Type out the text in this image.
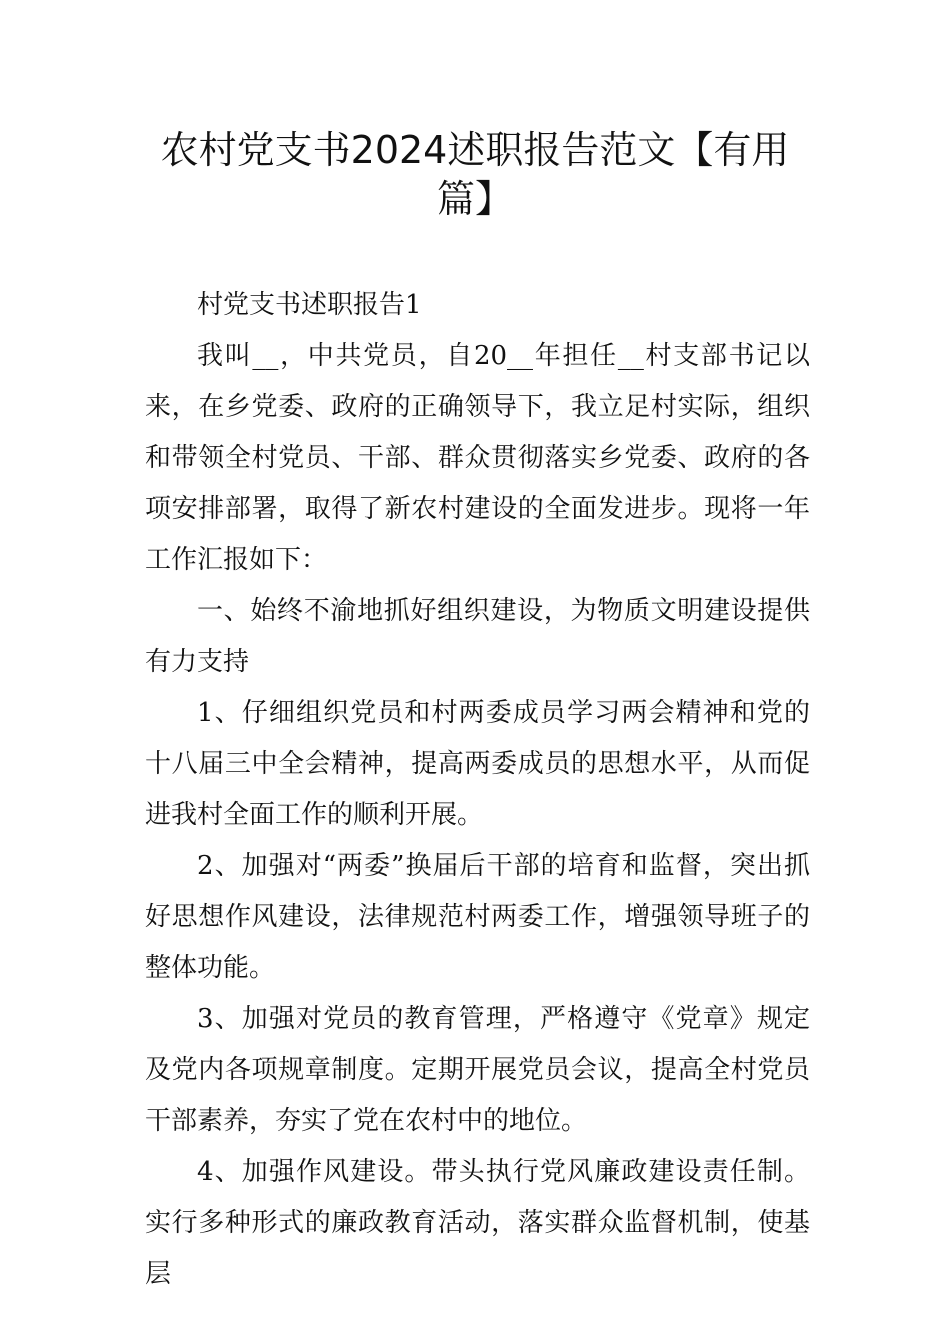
农村党支书2024述职报告范文【有用篇】

村党支书述职报告1

我叫__，中共党员，自20__年担任__村支部书记以来，在乡党委、政府的正确领导下，我立足村实际，组织和带领全村党员、干部、群众贯彻落实乡党委、政府的各项安排部署，取得了新农村建设的全面发进步。现将一年工作汇报如下：

一、始终不渝地抓好组织建设，为物质文明建设提供有力支持

1、仔细组织党员和村两委成员学习两会精神和党的十八届三中全会精神，提高两委成员的思想水平，从而促进我村全面工作的顺利开展。

2、加强对“两委”换届后干部的培育和监督，突出抓好思想作风建设，法律规范村两委工作，增强领导班子的整体功能。

3、加强对党员的教育管理，严格遵守《党章》规定及党内各项规章制度。定期开展党员会议，提高全村党员干部素养，夯实了党在农村中的地位。

4、加强作风建设。带头执行党风廉政建设责任制。实行多种形式的廉政教育活动，落实群众监督机制，使基层
